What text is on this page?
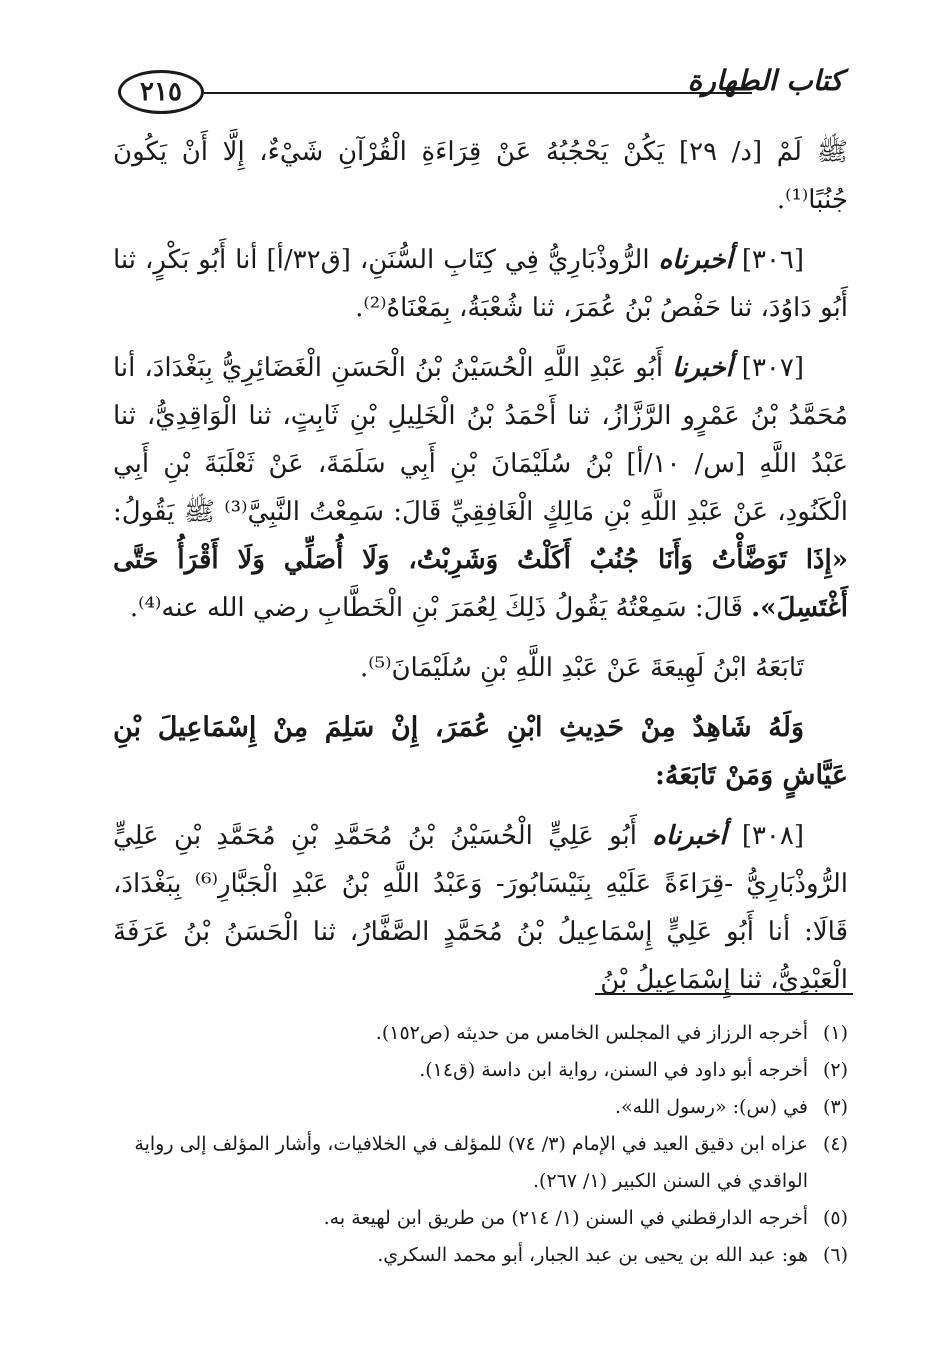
٢١٥	كتاب الطهارة

ﷺ لَمْ [د/ ٢٩] يَكُنْ يَحْجُبُهُ عَنْ قِرَاءَةِ الْقُرْآنِ شَيْءٌ، إِلَّا أَنْ يَكُونَ جُنُبًا⁽¹⁾.

[٣٠٦] أخبرناه الرُّوذْبَارِيُّ فِي كِتَابِ السُّنَنِ، [ق٣٢/أ] أنا أَبُو بَكْرٍ، ثنا أَبُو دَاوُدَ، ثنا حَفْصُ بْنُ عُمَرَ، ثنا شُعْبَةُ، بِمَعْنَاهُ⁽²⁾.

[٣٠٧] أخبرنا أَبُو عَبْدِ اللَّهِ الْحُسَيْنُ بْنُ الْحَسَنِ الْغَضَائِرِيُّ بِبَغْدَادَ، أنا مُحَمَّدُ بْنُ عَمْرٍو الرَّزَّازُ، ثنا أَحْمَدُ بْنُ الْخَلِيلِ بْنِ ثَابِتٍ، ثنا الْوَاقِدِيُّ، ثنا عَبْدُ اللَّهِ [س/ ١٠/أ] بْنُ سُلَيْمَانَ بْنِ أَبِي سَلَمَةَ، عَنْ ثَعْلَبَةَ بْنِ أَبِي الْكَنُودِ، عَنْ عَبْدِ اللَّهِ بْنِ مَالِكٍ الْغَافِقِيِّ قَالَ: سَمِعْتُ النَّبِيَّ⁽³⁾ ﷺ يَقُولُ: «إِذَا تَوَضَّأْتُ وَأَنَا جُنُبٌ أَكَلْتُ وَشَرِبْتُ، وَلَا أُصَلِّي وَلَا أَقْرَأُ حَتَّى أَغْتَسِلَ». قَالَ: سَمِعْتُهُ يَقُولُ ذَلِكَ لِعُمَرَ بْنِ الْخَطَّابِ رضي الله عنه⁽⁴⁾.

تَابَعَهُ ابْنُ لَهِيعَةَ عَنْ عَبْدِ اللَّهِ بْنِ سُلَيْمَانَ⁽⁵⁾.

وَلَهُ شَاهِدٌ مِنْ حَدِيثِ ابْنِ عُمَرَ، إِنْ سَلِمَ مِنْ إِسْمَاعِيلَ بْنِ عَيَّاشٍ وَمَنْ تَابَعَهُ:

[٣٠٨] أخبرناه أَبُو عَلِيٍّ الْحُسَيْنُ بْنُ مُحَمَّدِ بْنِ مُحَمَّدِ بْنِ عَلِيٍّ الرُّوذْبَارِيُّ -قِرَاءَةً عَلَيْهِ بِنَيْسَابُورَ- وَعَبْدُ اللَّهِ بْنُ عَبْدِ الْجَبَّارِ⁽⁶⁾ بِبَغْدَادَ، قَالَا: أنا أَبُو عَلِيٍّ إِسْمَاعِيلُ بْنُ مُحَمَّدٍ الصَّفَّارُ، ثنا الْحَسَنُ بْنُ عَرَفَةَ الْعَبْدِيُّ، ثنا إِسْمَاعِيلُ بْنُ

(١)
أخرجه الرزاز في المجلس الخامس من حديثه (ص١٥٢).
(٢)
أخرجه أبو داود في السنن، رواية ابن داسة (ق١٤).
(٣)
في (س): «رسول الله».
(٤)
عزاه ابن دقيق العيد في الإمام (٣/ ٧٤) للمؤلف في الخلافيات، وأشار المؤلف إلى رواية الواقدي في السنن الكبير (١/ ٢٦٧).
(٥)
أخرجه الدارقطني في السنن (١/ ٢١٤) من طريق ابن لهيعة به.
(٦)
هو: عبد الله بن يحيى بن عبد الجبار، أبو محمد السكري.
